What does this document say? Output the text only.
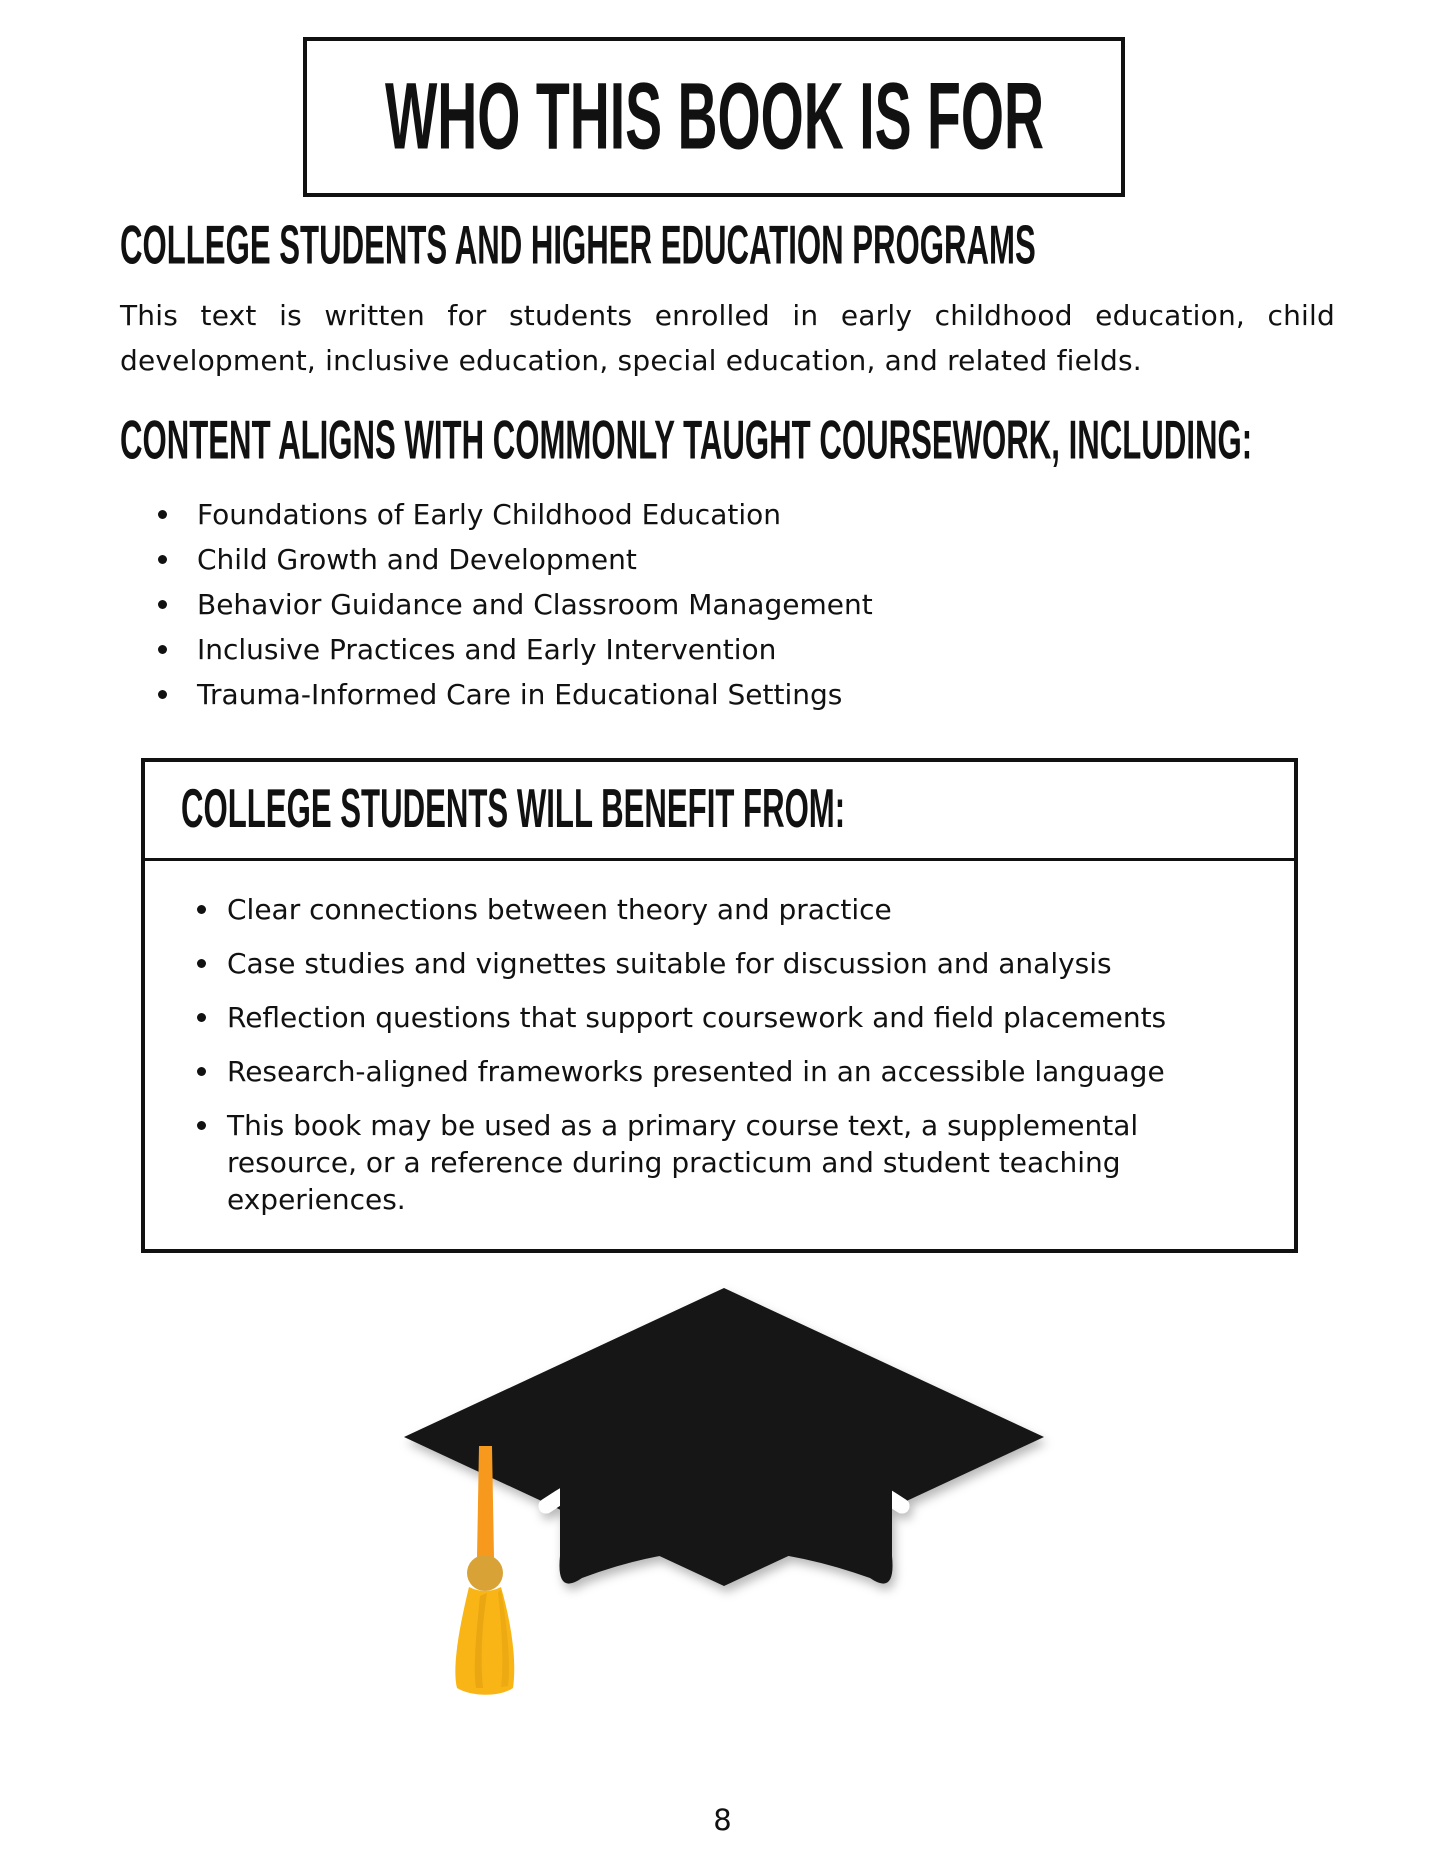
WHO THIS BOOK IS FOR
COLLEGE STUDENTS AND HIGHER EDUCATION PROGRAMS
This text is written for students enrolled in early childhood education, child
development, inclusive education, special education, and related fields.
CONTENT ALIGNS WITH COMMONLY TAUGHT COURSEWORK, INCLUDING:
Foundations of Early Childhood Education
Child Growth and Development
Behavior Guidance and Classroom Management
Inclusive Practices and Early Intervention
Trauma-Informed Care in Educational Settings
COLLEGE STUDENTS WILL BENEFIT FROM:
Clear connections between theory and practice
Case studies and vignettes suitable for discussion and analysis
Reflection questions that support coursework and field placements
Research-aligned frameworks presented in an accessible language
This book may be used as a primary course text, a supplemental resource, or a reference during practicum and student teaching experiences.
8
